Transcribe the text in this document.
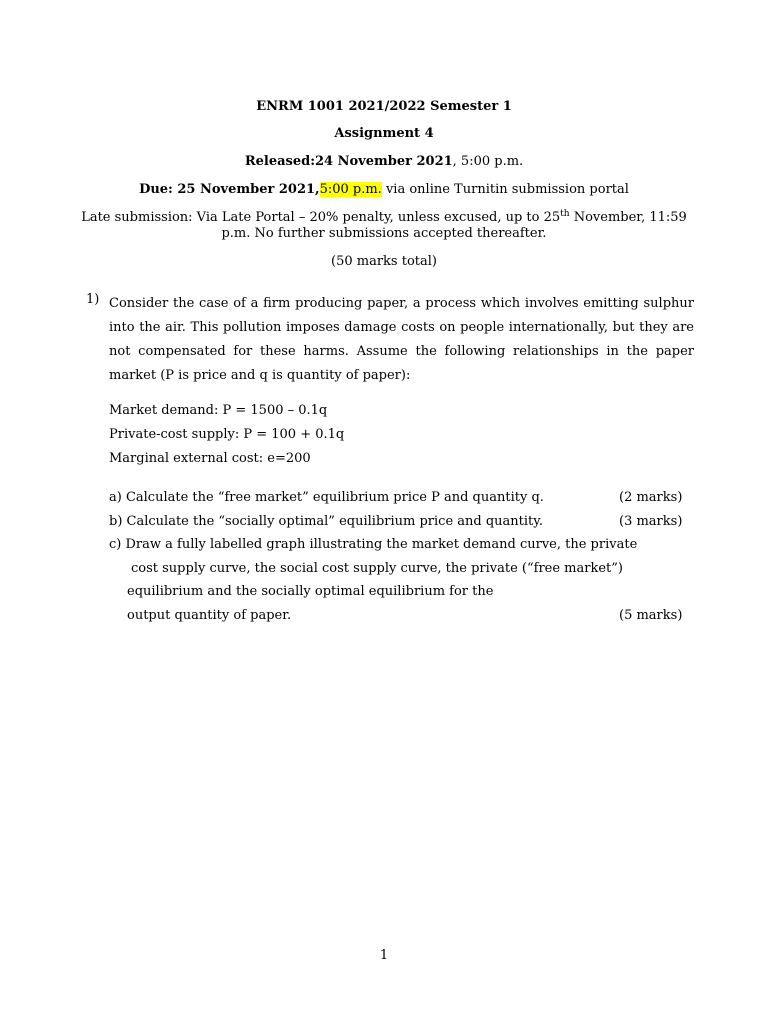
ENRM 1001 2021/2022 Semester 1
Assignment 4
Released:24 November 2021, 5:00 p.m.
Due: 25 November 2021,5:00 p.m. via online Turnitin submission portal
Late submission: Via Late Portal – 20% penalty, unless excused, up to 25th November, 11:59 p.m. No further submissions accepted thereafter.
(50 marks total)
1) Consider the case of a firm producing paper, a process which involves emitting sulphur into the air. This pollution imposes damage costs on people internationally, but they are not compensated for these harms. Assume the following relationships in the paper market (P is price and q is quantity of paper):
Market demand: P = 1500 – 0.1q
Private-cost supply: P = 100 + 0.1q
Marginal external cost: e=200
a) Calculate the “free market” equilibrium price P and quantity q.	(2 marks)
b) Calculate the “socially optimal” equilibrium price and quantity.	(3 marks)
c) Draw a fully labelled graph illustrating the market demand curve, the private
cost supply curve, the social cost supply curve, the private (“free market”)
equilibrium and the socially optimal equilibrium for the
output quantity of paper.	(5 marks)
1
